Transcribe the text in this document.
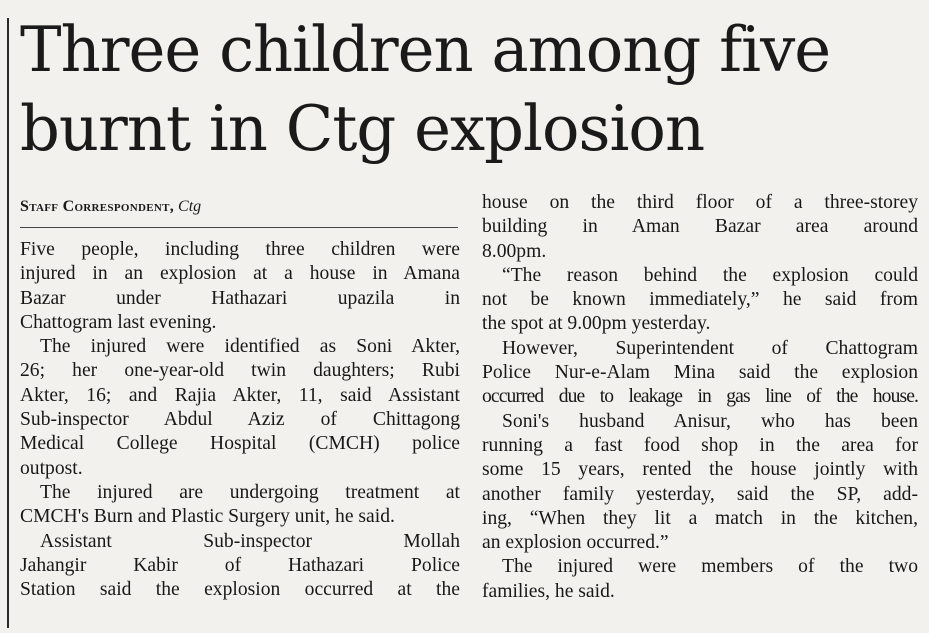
Three children among five
burnt in Ctg explosion
Staff Correspondent, Ctg

Five people, including three children were
injured in an explosion at a house in Amana
Bazar under Hathazari upazila in
Chattogram last evening.

The injured were identified as Soni Akter,
26; her one-year-old twin daughters; Rubi
Akter, 16; and Rajia Akter, 11, said Assistant
Sub-inspector Abdul Aziz of Chittagong
Medical College Hospital (CMCH) police
outpost.

The injured are undergoing treatment at
CMCH's Burn and Plastic Surgery unit, he said.

Assistant Sub-inspector Mollah
Jahangir Kabir of Hathazari Police
Station said the explosion occurred at the

house on the third floor of a three-storey
building in Aman Bazar area around
8.00pm.

“The reason behind the explosion could
not be known immediately,” he said from
the spot at 9.00pm yesterday.

However, Superintendent of Chattogram
Police Nur-e-Alam Mina said the explosion
occurred due to leakage in gas line of the house.

Soni's husband Anisur, who has been
running a fast food shop in the area for
some 15 years, rented the house jointly with
another family yesterday, said the SP, add-
ing, “When they lit a match in the kitchen,
an explosion occurred.”

The injured were members of the two
families, he said.
